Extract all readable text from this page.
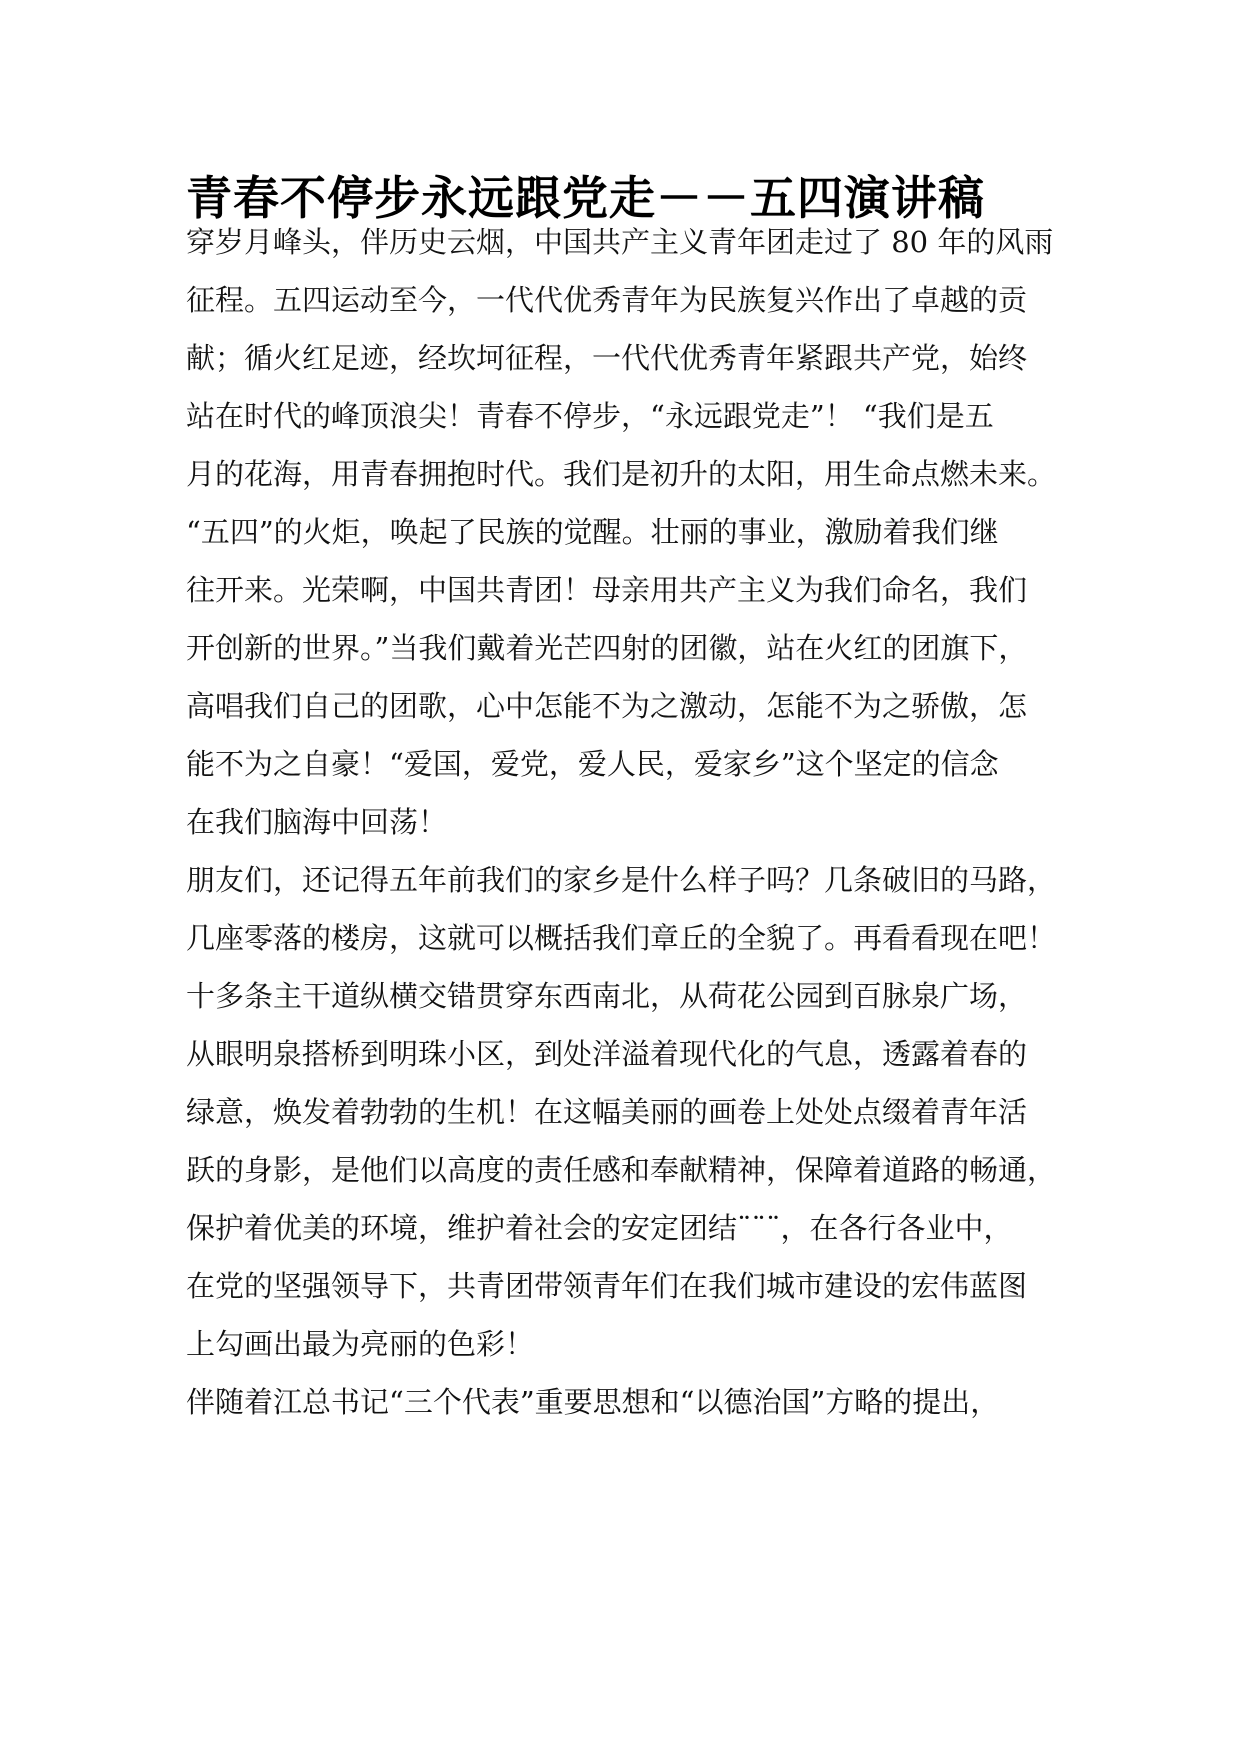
青春不停步永远跟党走－－五四演讲稿

穿岁月峰头，伴历史云烟，中国共产主义青年团走过了 80 年的风雨

征程。五四运动至今，一代代优秀青年为民族复兴作出了卓越的贡

献；循火红足迹，经坎坷征程，一代代优秀青年紧跟共产党，始终

站在时代的峰顶浪尖！青春不停步，“永远跟党走”！ “我们是五

月的花海，用青春拥抱时代。我们是初升的太阳，用生命点燃未来。

“五四”的火炬，唤起了民族的觉醒。壮丽的事业，激励着我们继

往开来。光荣啊，中国共青团！母亲用共产主义为我们命名，我们

开创新的世界。”当我们戴着光芒四射的团徽，站在火红的团旗下，

高唱我们自己的团歌，心中怎能不为之激动，怎能不为之骄傲，怎

能不为之自豪！“爱国，爱党，爱人民，爱家乡”这个坚定的信念

在我们脑海中回荡！

朋友们，还记得五年前我们的家乡是什么样子吗？几条破旧的马路，

几座零落的楼房，这就可以概括我们章丘的全貌了。再看看现在吧！

十多条主干道纵横交错贯穿东西南北，从荷花公园到百脉泉广场，

从眼明泉搭桥到明珠小区，到处洋溢着现代化的气息，透露着春的

绿意，焕发着勃勃的生机！在这幅美丽的画卷上处处点缀着青年活

跃的身影，是他们以高度的责任感和奉献精神，保障着道路的畅通，

保护着优美的环境，维护着社会的安定团结¨¨¨，在各行各业中，

在党的坚强领导下，共青团带领青年们在我们城市建设的宏伟蓝图

上勾画出最为亮丽的色彩！

伴随着江总书记“三个代表”重要思想和“以德治国”方略的提出，
